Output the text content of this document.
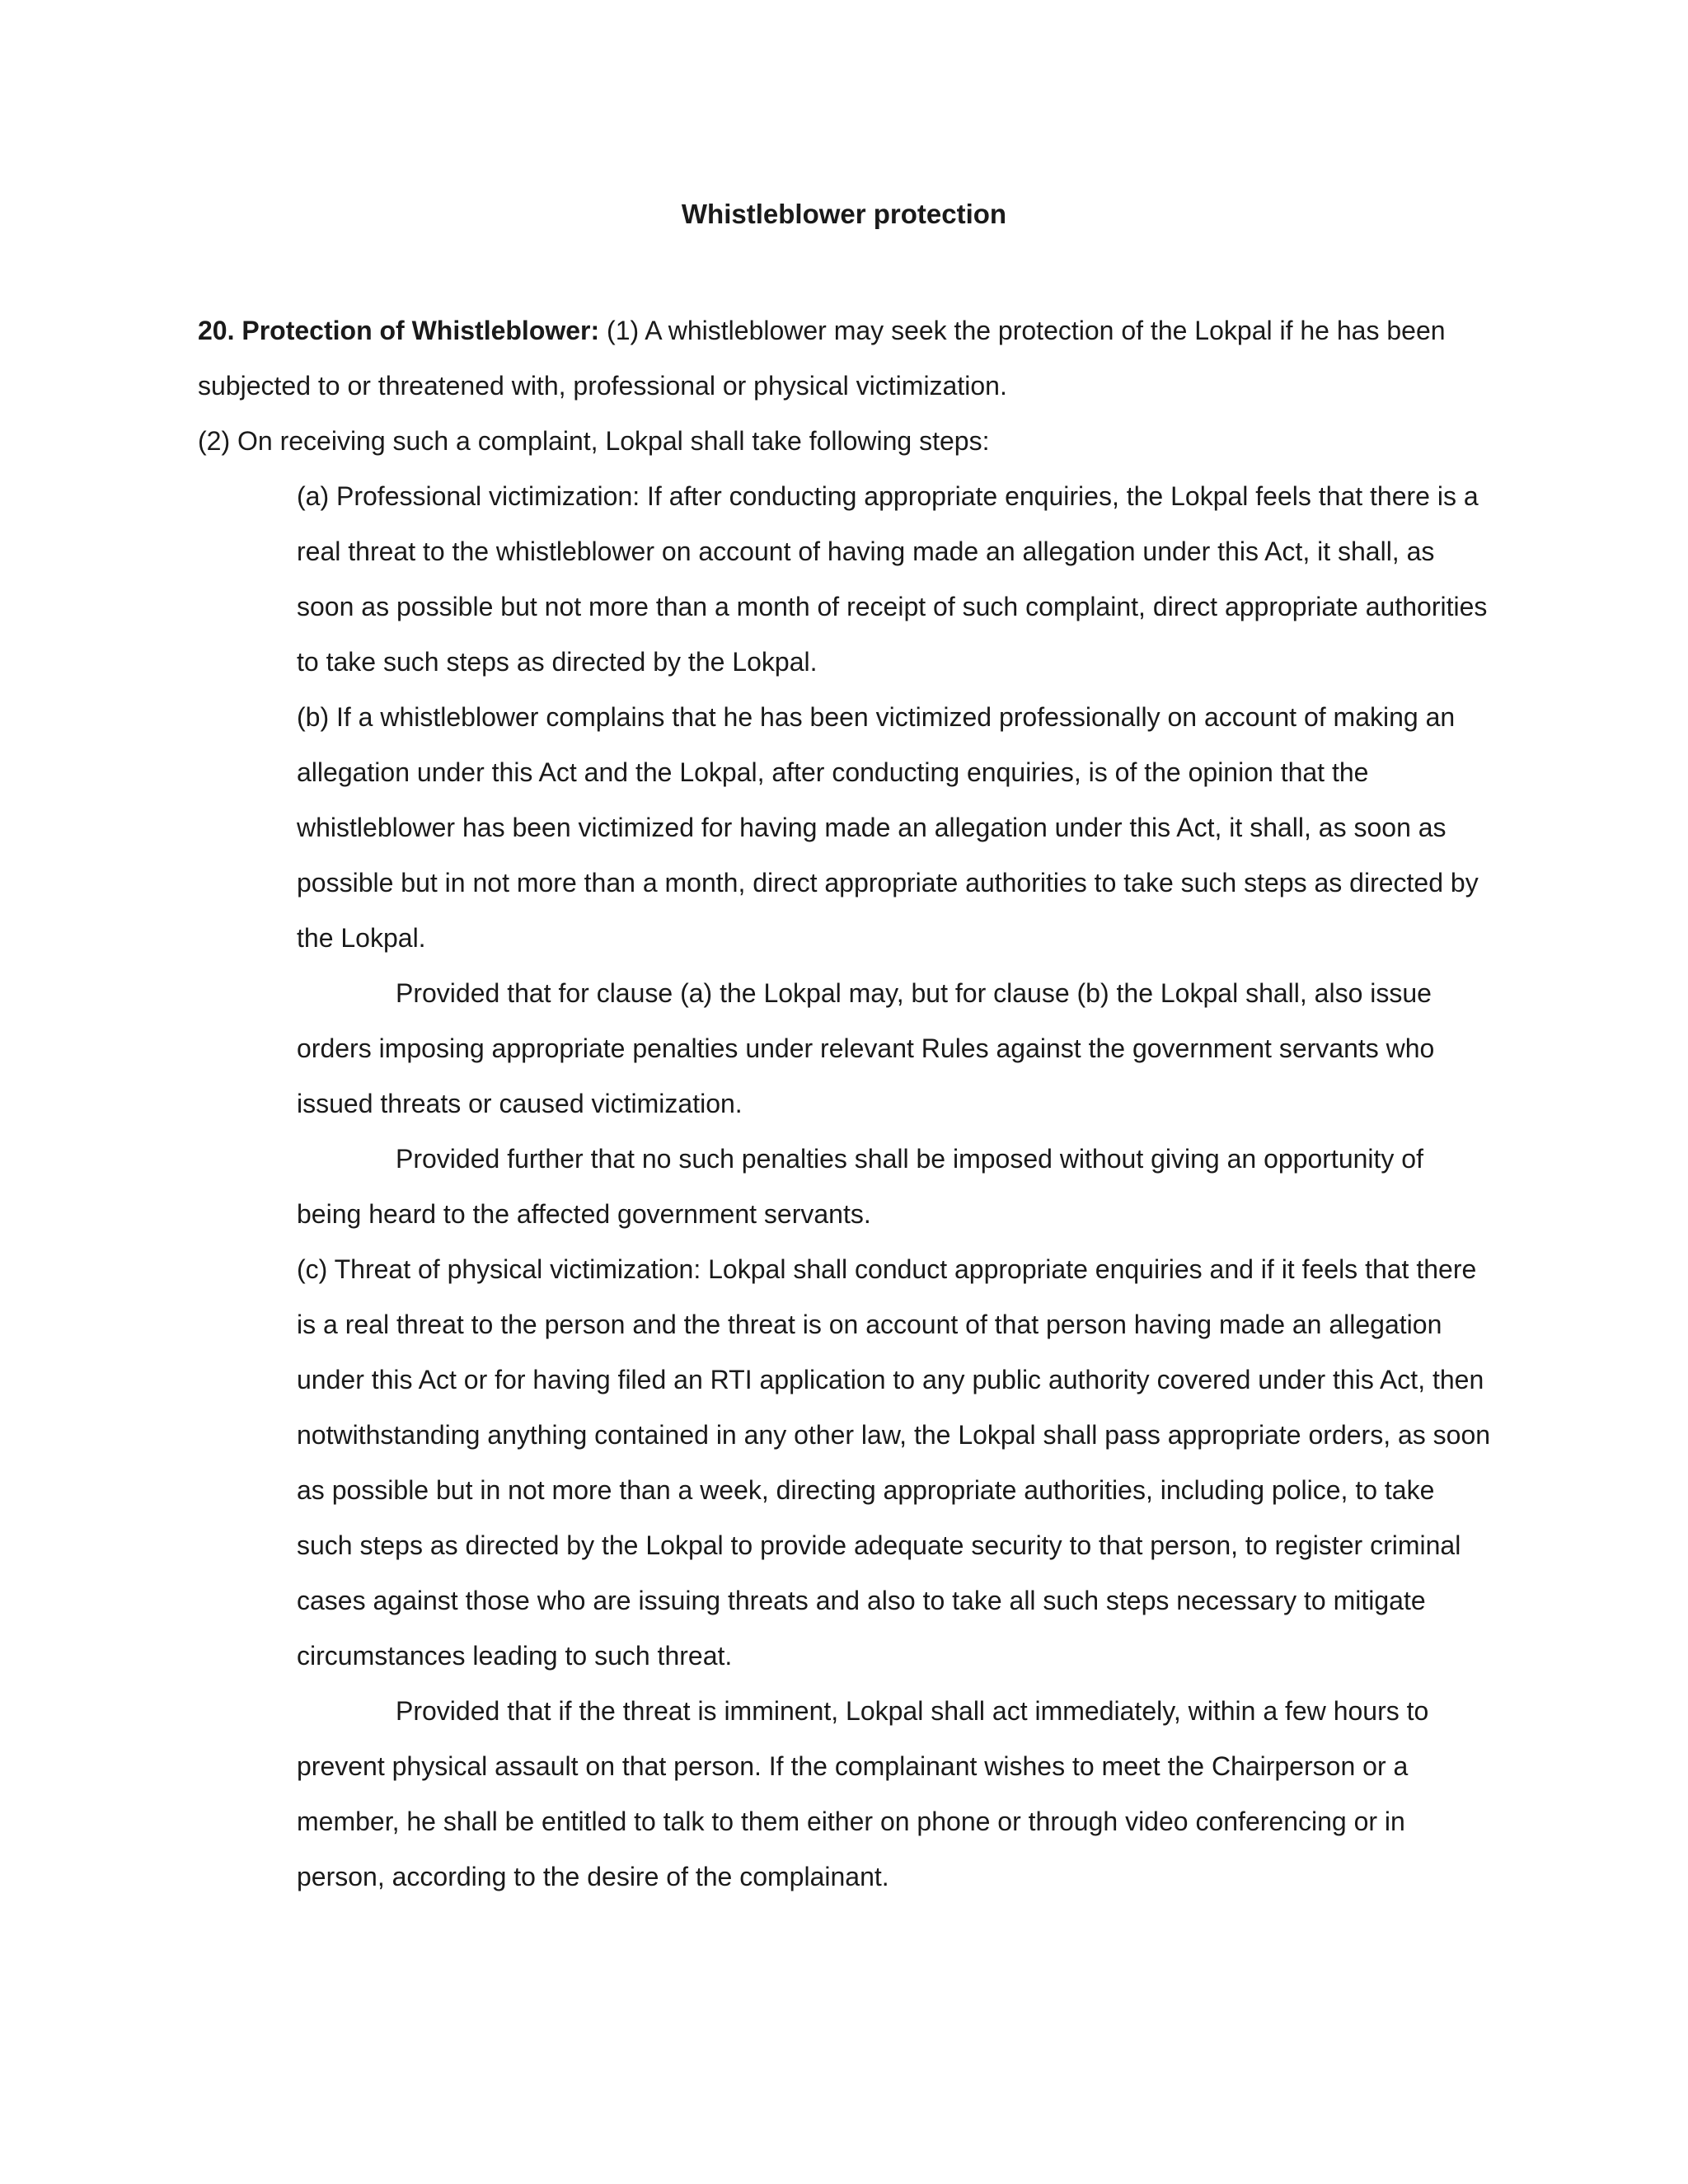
Whistleblower protection

20. Protection of Whistleblower: (1) A whistleblower may seek the protection of the Lokpal if he has been subjected to or threatened with, professional or physical victimization.

(2) On receiving such a complaint, Lokpal shall take following steps:

(a) Professional victimization: If after conducting appropriate enquiries, the Lokpal feels that there is a real threat to the whistleblower on account of having made an allegation under this Act, it shall, as soon as possible but not more than a month of receipt of such complaint, direct appropriate authorities to take such steps as directed by the Lokpal.

(b) If a whistleblower complains that he has been victimized professionally on account of making an allegation under this Act and the Lokpal, after conducting enquiries, is of the opinion that the whistleblower has been victimized for having made an allegation under this Act, it shall, as soon as possible but in not more than a month, direct appropriate authorities to take such steps as directed by the Lokpal.

Provided that for clause (a) the Lokpal may, but for clause (b) the Lokpal shall, also issue orders imposing appropriate penalties under relevant Rules against the government servants who issued threats or caused victimization.

Provided further that no such penalties shall be imposed without giving an opportunity of being heard to the affected government servants.

(c) Threat of physical victimization: Lokpal shall conduct appropriate enquiries and if it feels that there is a real threat to the person and the threat is on account of that person having made an allegation under this Act or for having filed an RTI application to any public authority covered under this Act, then notwithstanding anything contained in any other law, the Lokpal shall pass appropriate orders, as soon as possible but in not more than a week, directing appropriate authorities, including police, to take such steps as directed by the Lokpal to provide adequate security to that person, to register criminal cases against those who are issuing threats and also to take all such steps necessary to mitigate circumstances leading to such threat.

Provided that if the threat is imminent, Lokpal shall act immediately, within a few hours to prevent physical assault on that person. If the complainant wishes to meet the Chairperson or a member, he shall be entitled to talk to them either on phone or through video conferencing or in person, according to the desire of the complainant.
